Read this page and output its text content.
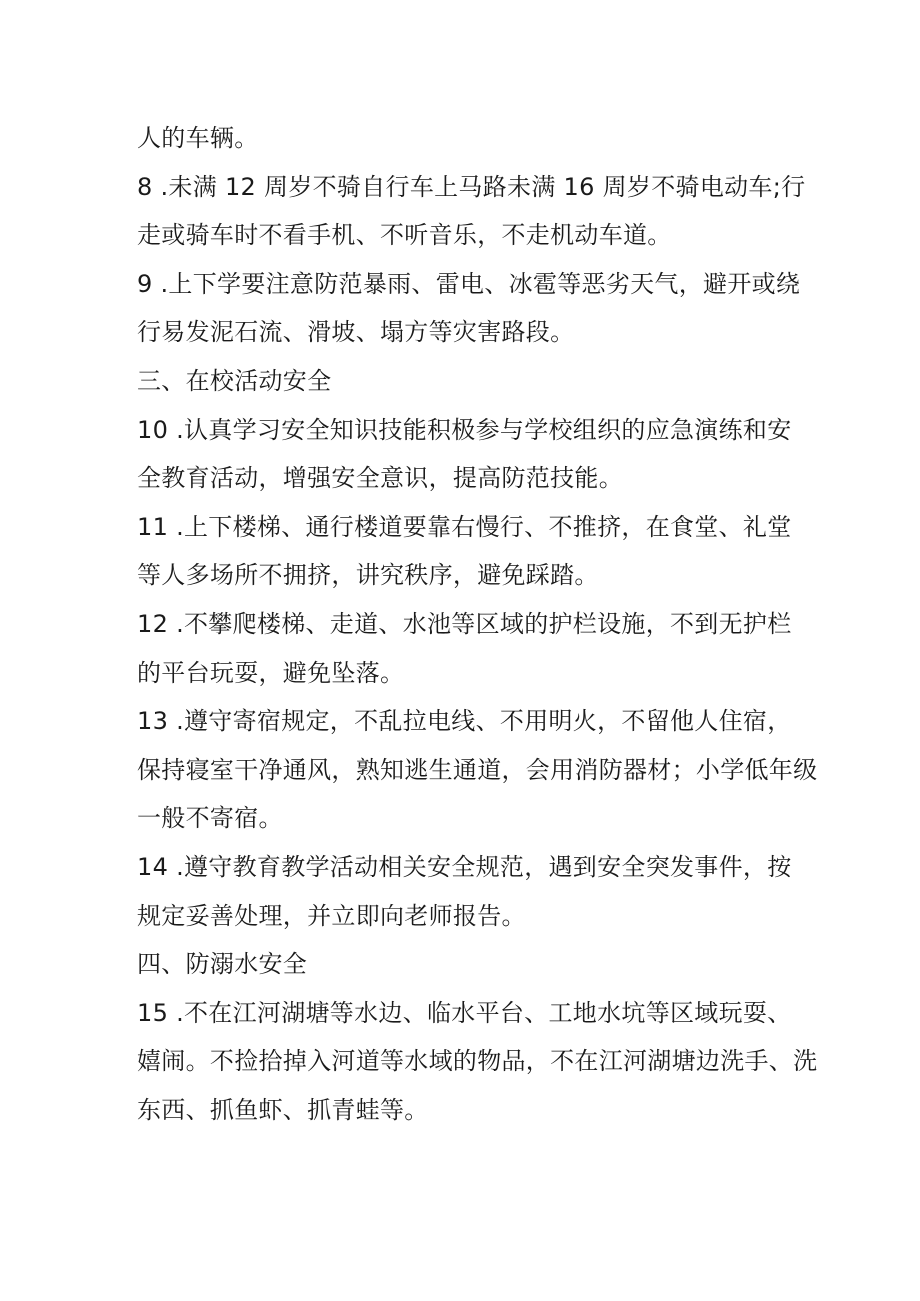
人的车辆。
8 .未满 12 周岁不骑自行车上马路未满 16 周岁不骑电动车;行
走或骑车时不看手机、不听音乐，不走机动车道。
9 .上下学要注意防范暴雨、雷电、冰雹等恶劣天气，避开或绕
行易发泥石流、滑坡、塌方等灾害路段。
三、在校活动安全
10 .认真学习安全知识技能积极参与学校组织的应急演练和安
全教育活动，增强安全意识，提高防范技能。
11 .上下楼梯、通行楼道要靠右慢行、不推挤，在食堂、礼堂
等人多场所不拥挤，讲究秩序，避免踩踏。
12 .不攀爬楼梯、走道、水池等区域的护栏设施，不到无护栏
的平台玩耍，避免坠落。
13 .遵守寄宿规定，不乱拉电线、不用明火，不留他人住宿，
保持寝室干净通风，熟知逃生通道，会用消防器材；小学低年级
一般不寄宿。
14 .遵守教育教学活动相关安全规范，遇到安全突发事件，按
规定妥善处理，并立即向老师报告。
四、防溺水安全
15 .不在江河湖塘等水边、临水平台、工地水坑等区域玩耍、
嬉闹。不捡拾掉入河道等水域的物品，不在江河湖塘边洗手、洗
东西、抓鱼虾、抓青蛙等。
